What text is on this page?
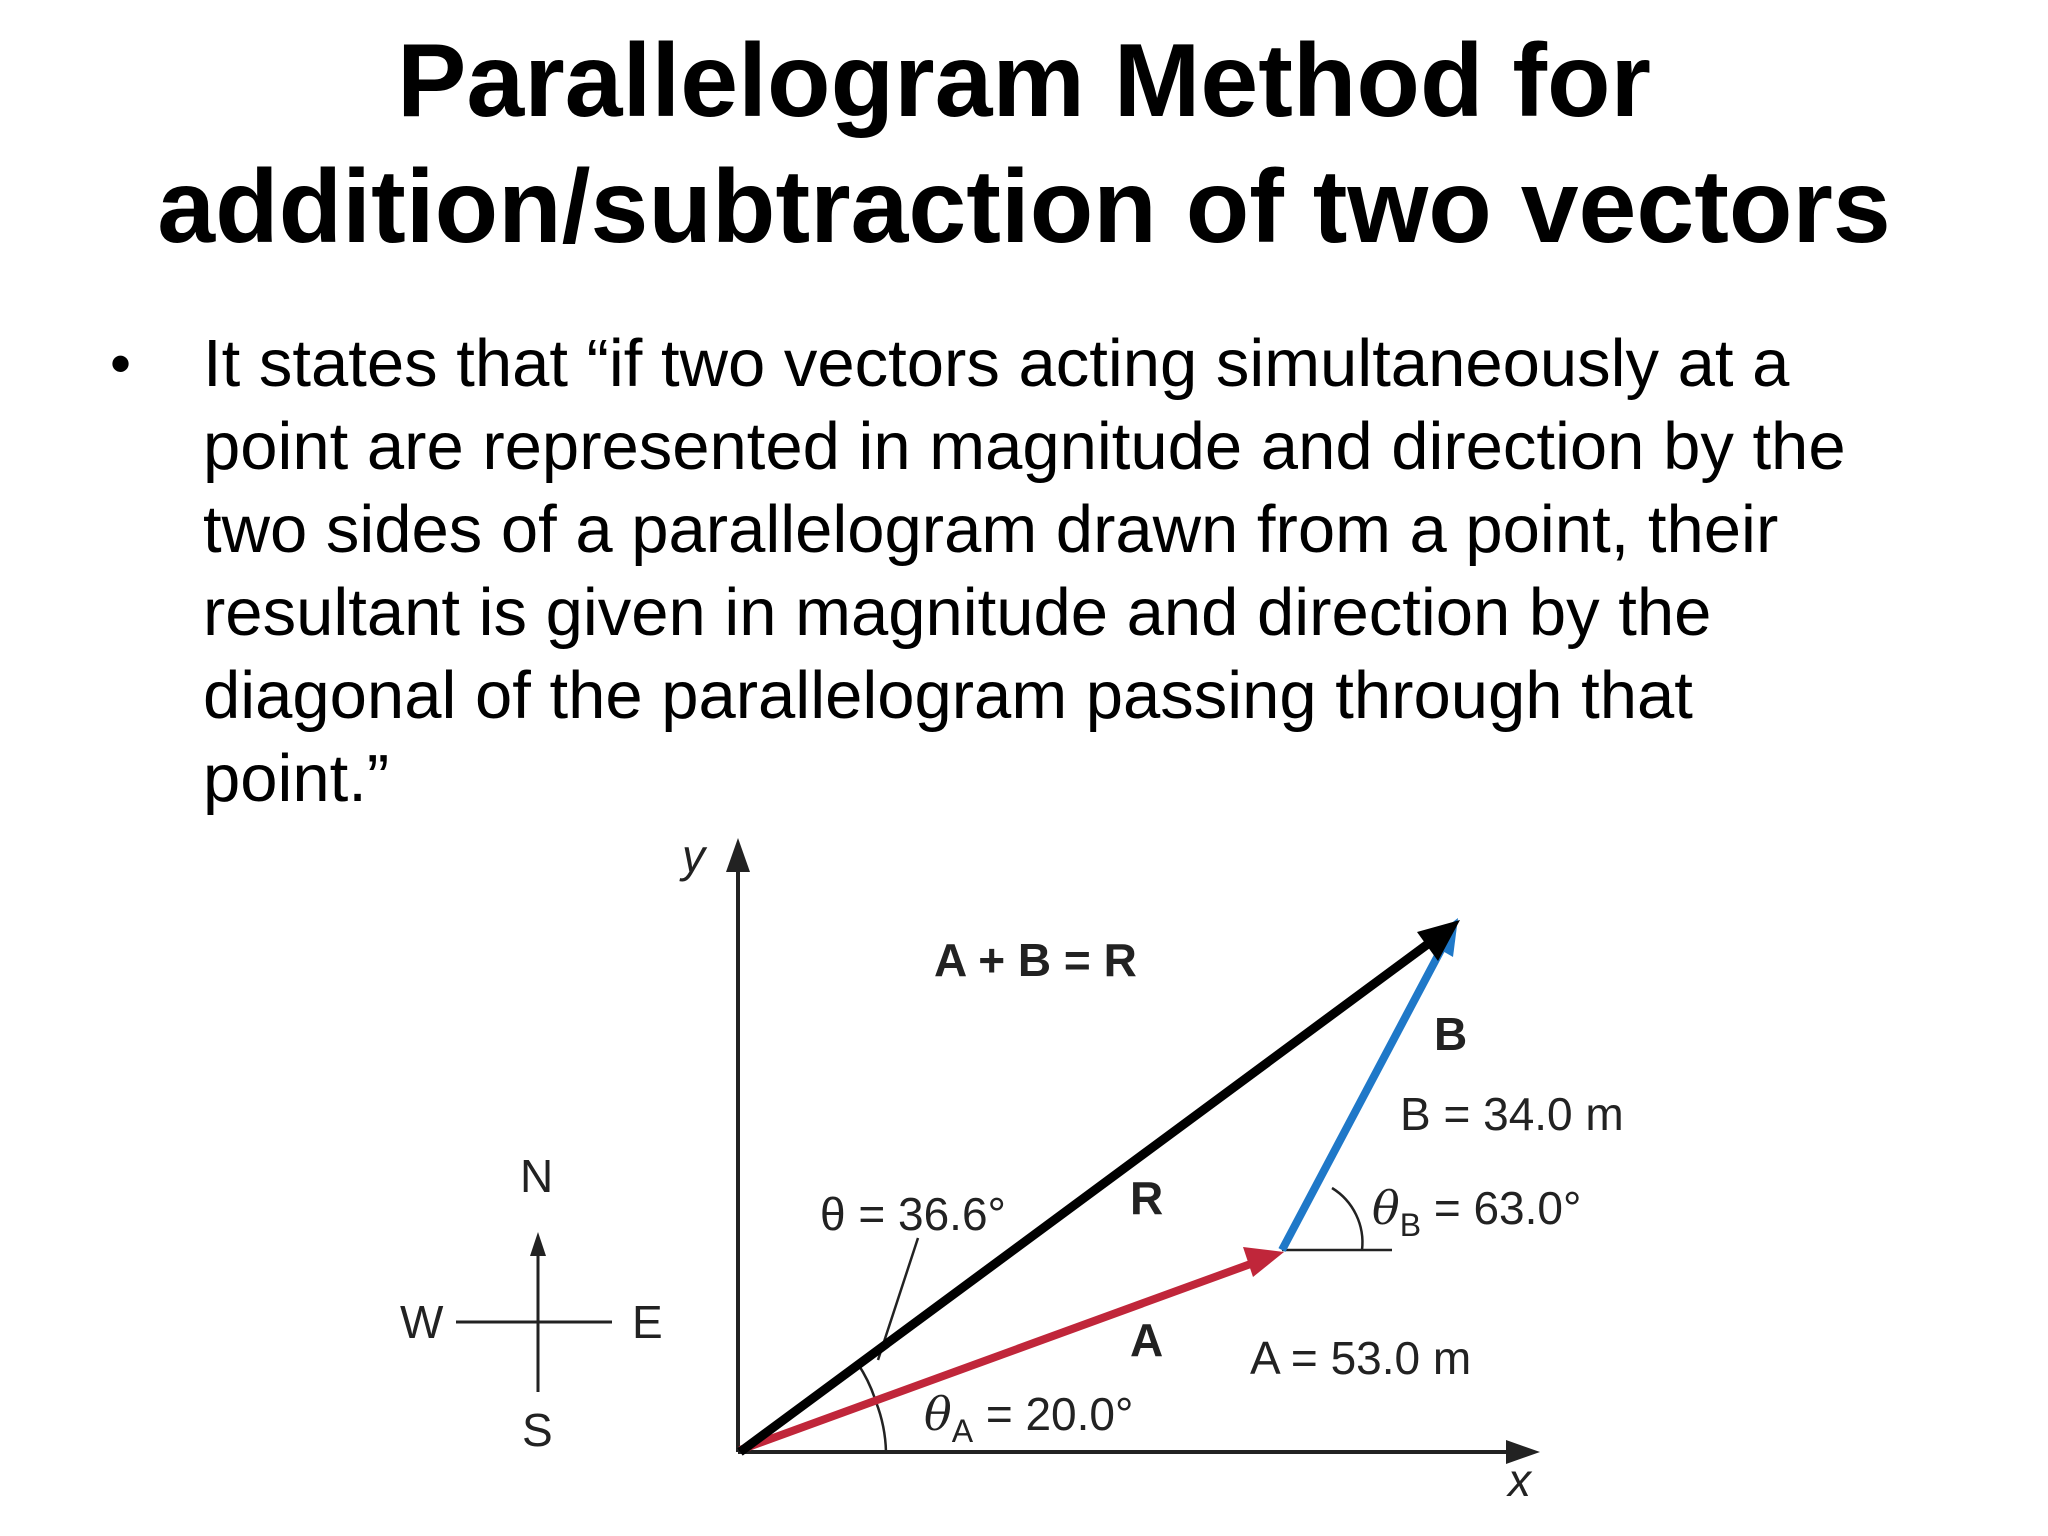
Parallelogram Method for
addition/subtraction of two vectors
• It states that “if two vectors acting simultaneously at a
point are represented in magnitude and direction by the
two sides of a parallelogram drawn from a point, their
resultant is given in magnitude and direction by the
diagonal of the parallelogram passing through that
point.”
y
x
N
S
E
W
A + B = R
B
B = 34.0 m
R
θ = 36.6°	$\theta_B = 63.0^\circ$
A A = 53.0 m
$\theta_A = 20.0^\circ$
